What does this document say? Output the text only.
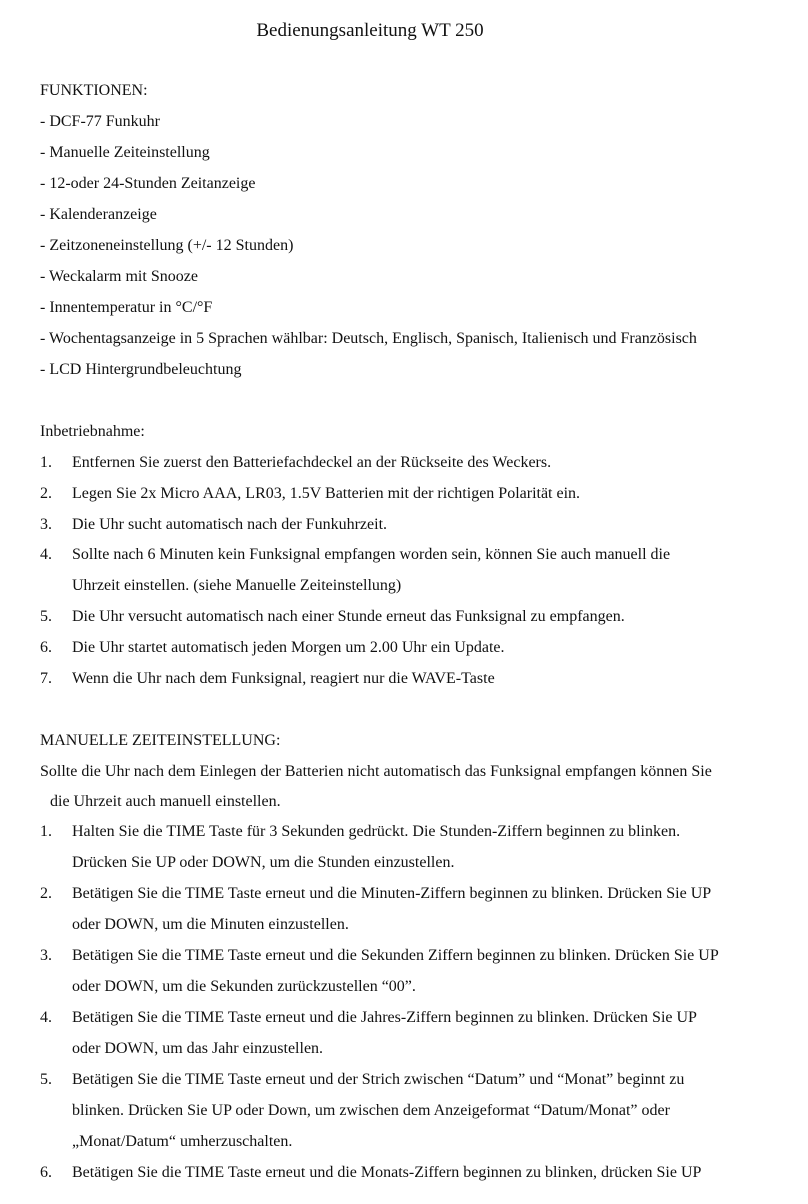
Bedienungsanleitung WT 250
FUNKTIONEN:
- DCF-77 Funkuhr
- Manuelle Zeiteinstellung
- 12-oder 24-Stunden Zeitanzeige
- Kalenderanzeige
- Zeitzoneneinstellung (+/- 12 Stunden)
- Weckalarm mit Snooze
- Innentemperatur in °C/°F
- Wochentagsanzeige in 5 Sprachen wählbar: Deutsch, Englisch, Spanisch, Italienisch und Französisch
- LCD Hintergrundbeleuchtung
Inbetriebnahme:
1. Entfernen Sie zuerst den Batteriefachdeckel an der Rückseite des Weckers.
2. Legen Sie 2x Micro AAA, LR03, 1.5V Batterien mit der richtigen Polarität ein.
3. Die Uhr sucht automatisch nach der Funkuhrzeit.
4. Sollte nach 6 Minuten kein Funksignal empfangen worden sein, können Sie auch manuell die
Uhrzeit einstellen. (siehe Manuelle Zeiteinstellung)
5. Die Uhr versucht automatisch nach einer Stunde erneut das Funksignal zu empfangen.
6. Die Uhr startet automatisch jeden Morgen um 2.00 Uhr ein Update.
7. Wenn die Uhr nach dem Funksignal, reagiert nur die WAVE-Taste
MANUELLE ZEITEINSTELLUNG:
Sollte die Uhr nach dem Einlegen der Batterien nicht automatisch das Funksignal empfangen können Sie
die Uhrzeit auch manuell einstellen.
1. Halten Sie die TIME Taste für 3 Sekunden gedrückt. Die Stunden-Ziffern beginnen zu blinken.
Drücken Sie UP oder DOWN, um die Stunden einzustellen.
2. Betätigen Sie die TIME Taste erneut und die Minuten-Ziffern beginnen zu blinken. Drücken Sie UP
oder DOWN, um die Minuten einzustellen.
3. Betätigen Sie die TIME Taste erneut und die Sekunden Ziffern beginnen zu blinken. Drücken Sie UP
oder DOWN, um die Sekunden zurückzustellen “00”.
4. Betätigen Sie die TIME Taste erneut und die Jahres-Ziffern beginnen zu blinken. Drücken Sie UP
oder DOWN, um das Jahr einzustellen.
5. Betätigen Sie die TIME Taste erneut und der Strich zwischen “Datum” und “Monat” beginnt zu
blinken. Drücken Sie UP oder Down, um zwischen dem Anzeigeformat “Datum/Monat” oder
„Monat/Datum“ umherzuschalten.
6. Betätigen Sie die TIME Taste erneut und die Monats-Ziffern beginnen zu blinken, drücken Sie UP
